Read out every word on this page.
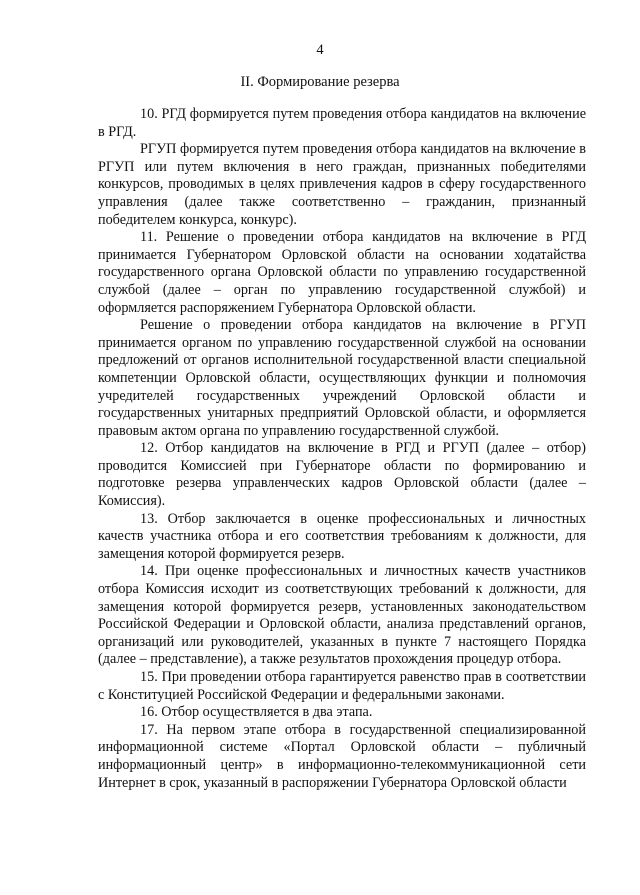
4
II. Формирование резерва

10. РГД формируется путем проведения отбора кандидатов на включение в РГД.

РГУП формируется путем проведения отбора кандидатов на включение в РГУП или путем включения в него граждан, признанных победителями конкурсов, проводимых в целях привлечения кадров в сферу государственного управления (далее также соответственно – гражданин, признанный победителем конкурса, конкурс).

11. Решение о проведении отбора кандидатов на включение в РГД принимается Губернатором Орловской области на основании ходатайства государственного органа Орловской области по управлению государственной службой (далее – орган по управлению государственной службой) и оформляется распоряжением Губернатора Орловской области.

Решение о проведении отбора кандидатов на включение в РГУП принимается органом по управлению государственной службой на основании предложений от органов исполнительной государственной власти специальной компетенции Орловской области, осуществляющих функции и полномочия учредителей государственных учреждений Орловской области и государственных унитарных предприятий Орловской области, и оформляется правовым актом органа по управлению государственной службой.

12. Отбор кандидатов на включение в РГД и РГУП (далее – отбор) проводится Комиссией при Губернаторе области по формированию и подготовке резерва управленческих кадров Орловской области (далее – Комиссия).

13. Отбор заключается в оценке профессиональных и личностных качеств участника отбора и его соответствия требованиям к должности, для замещения которой формируется резерв.

14. При оценке профессиональных и личностных качеств участников отбора Комиссия исходит из соответствующих требований к должности, для замещения которой формируется резерв, установленных законодательством Российской Федерации и Орловской области, анализа представлений органов, организаций или руководителей, указанных в пункте 7 настоящего Порядка (далее – представление), а также результатов прохождения процедур отбора.

15. При проведении отбора гарантируется равенство прав в соответствии с Конституцией Российской Федерации и федеральными законами.

16. Отбор осуществляется в два этапа.

17. На первом этапе отбора в государственной специализированной информационной системе «Портал Орловской области – публичный информационный центр» в информационно-телекоммуникационной сети Интернет в срок, указанный в распоряжении Губернатора Орловской области
